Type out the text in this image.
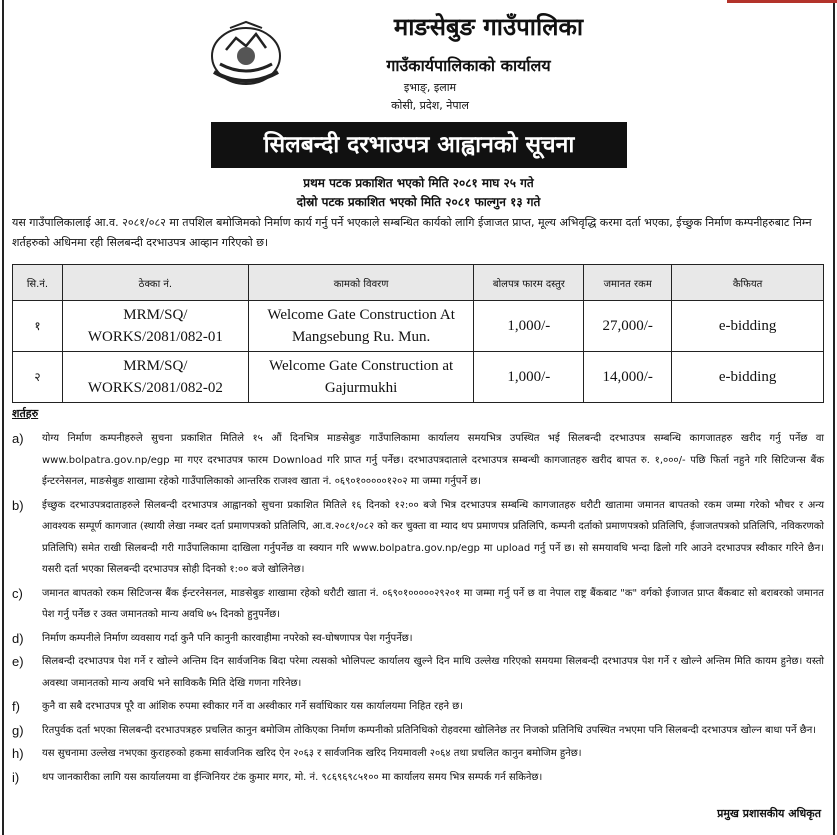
माङसेबुङ गाउँपालिका
गाउँकार्यपालिकाको कार्यालय
इभाङ्, इलाम
कोसी, प्रदेश, नेपाल
सिलबन्दी दरभाउपत्र आह्वानको सूचना
प्रथम पटक प्रकाशित भएको मिति २०८१ माघ २५ गते
दोस्रो पटक प्रकाशित भएको मिति २०८१ फाल्गुन १३ गते
यस गाउँपालिकालाई आ.व. २०८१/०८२ मा तपशिल बमोजिमको निर्माण कार्य गर्नु पर्ने भएकाले सम्बन्धित कार्यको लागि ईजाजत प्राप्त, मूल्य अभिवृद्धि करमा दर्ता भएका, ईच्छुक निर्माण कम्पनीहरुबाट निम्न शर्तहरुको अधिनमा रही सिलबन्दी दरभाउपत्र आव्हान गरिएको छ।
सि.नं.	ठेक्का नं.	कामको विवरण	बोलपत्र फारम दस्तुर	जमानत रकम	कैफियत
१	MRM/SQ/ WORKS/2081/082-01	Welcome Gate Construction At Mangsebung Ru. Mun.	1,000/-	27,000/-	e-bidding
२	MRM/SQ/ WORKS/2081/082-02	Welcome Gate Construction at Gajurmukhi	1,000/-	14,000/-	e-bidding
शर्तहरु
a)	योग्य निर्माण कम्पनीहरुले सुचना प्रकाशित मितिले १५ औं दिनभित्र माङसेबुङ गाउँपालिकामा कार्यालय समयभित्र उपस्थित भई सिलबन्दी दरभाउपत्र सम्बन्धि कागजातहरु खरीद गर्नु पर्नेछ वा www.bolpatra.gov.np/egp मा गएर दरभाउपत्र फारम Download गरि प्राप्त गर्नु पर्नेछ। दरभाउपत्रदाताले दरभाउपत्र सम्बन्धी कागजातहरु खरीद बापत रु. १,०००/- पछि फिर्ता नहुने गरि सिटिजन्स बैंक ईन्टरनेसनल, माङसेबुङ शाखामा रहेको गाउँपालिकाको आन्तरिक राजश्व खाता नं. ०६९०१०००००१२०२ मा जम्मा गर्नुपर्ने छ।
b)	ईच्छुक दरभाउपत्रदाताहरुले सिलबन्दी दरभाउपत्र आह्वानको सुचना प्रकाशित मितिले १६ दिनको १२:०० बजे भित्र दरभाउपत्र सम्बन्धि कागजातहरु धरौटी खातामा जमानत बापतको रकम जम्मा गरेको भौचर र अन्य आवश्यक सम्पूर्ण कागजात (स्थायी लेखा नम्बर दर्ता प्रमाणपत्रको प्रतिलिपि, आ.व.२०८१/०८२ को कर चुक्ता वा म्याद थप प्रमाणपत्र प्रतिलिपि, कम्पनी दर्ताको प्रमाणपत्रको प्रतिलिपि, ईजाजतपत्रको प्रतिलिपि, नविकरणको प्रतिलिपि) समेत राखी सिलबन्दी गरी गाउँपालिकामा दाखिला गर्नुपर्नेछ वा स्क्यान गरि www.bolpatra.gov.np/egp मा upload गर्नु पर्ने छ। सो समयावधि भन्दा ढिलो गरि आउने दरभाउपत्र स्वीकार गरिने छैन। यसरी दर्ता भएका सिलबन्दी दरभाउपत्र सोही दिनको १:०० बजे खोलिनेछ।
c)	जमानत बापतको रकम सिटिजन्स बैंक ईन्टरनेसनल, माङसेबुङ शाखामा रहेको धरौटी खाता नं. ०६९०१०००००२९२०१ मा जम्मा गर्नु पर्ने छ वा नेपाल राष्ट्र बैंकबाट "क" वर्गको ईजाजत प्राप्त बैंकबाट सो बराबरको जमानत पेश गर्नु पर्नेछ र उक्त जमानतको मान्य अवधि ७५ दिनको हुनुपर्नेछ।
d)	निर्माण कम्पनीले निर्माण व्यवसाय गर्दा कुनै पनि कानुनी कारवाहीमा नपरेको स्व-घोषणापत्र पेश गर्नुपर्नेछ।
e)	सिलबन्दी दरभाउपत्र पेश गर्ने र खोल्ने अन्तिम दिन सार्वजनिक बिदा परेमा त्यसको भोलिपल्ट कार्यालय खुल्ने दिन माथि उल्लेख गरिएको समयमा सिलबन्दी दरभाउपत्र पेश गर्ने र खोल्ने अन्तिम मिति कायम हुनेछ। यस्तो अवस्था जमानतको मान्य अवधि भने साविककै मिति देखि गणना गरिनेछ।
f)	कुनै वा सबै दरभाउपत्र पूरै वा आंशिक रुपमा स्वीकार गर्ने वा अस्वीकार गर्ने सर्वाधिकार यस कार्यालयमा निहित रहने छ।
g)	रितपुर्वक दर्ता भएका सिलबन्दी दरभाउपत्रहरु प्रचलित कानुन बमोजिम तोकिएका निर्माण कम्पनीको प्रतिनिधिको रोहवरमा खोलिनेछ तर निजको प्रतिनिधि उपस्थित नभएमा पनि सिलबन्दी दरभाउपत्र खोल्न बाधा पर्ने छैन।
h)	यस सुचनामा उल्लेख नभएका कुराहरुको हकमा सार्वजनिक खरिद ऐन २०६३ र सार्वजनिक खरिद नियमावली २०६४ तथा प्रचलित कानुन बमोजिम हुनेछ।
i)	थप जानकारीका लागि यस कार्यालयमा वा ईन्जिनियर टंक कुमार मगर, मो. नं. ९८६९६९८५१०० मा कार्यालय समय भित्र सम्पर्क गर्न सकिनेछ।
प्रमुख प्रशासकीय अधिकृत
